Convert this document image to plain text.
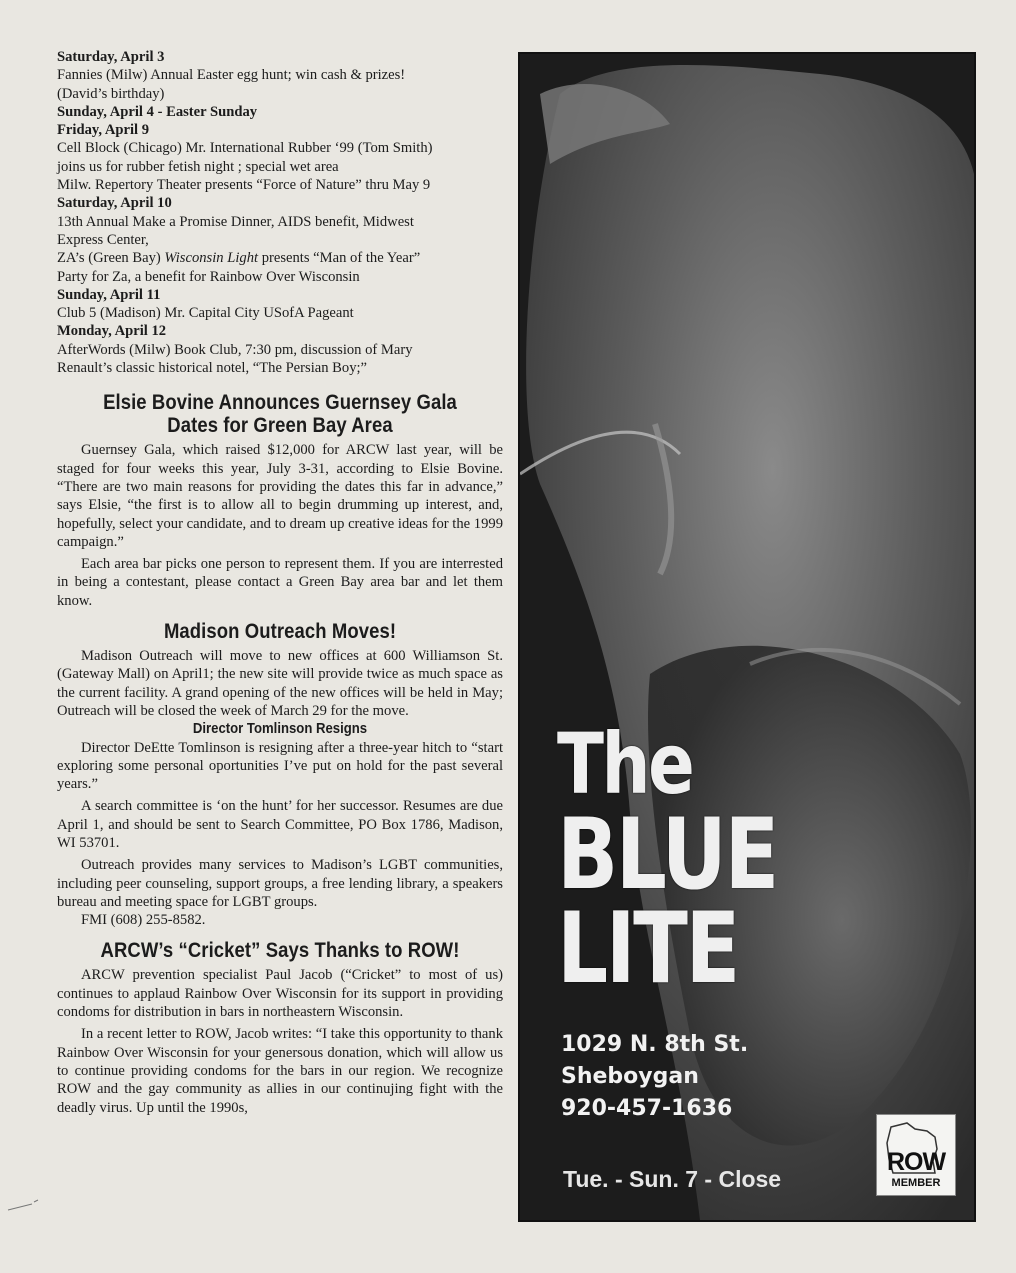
Saturday, April 3
Fannies (Milw) Annual Easter egg hunt; win cash & prizes!
(David’s birthday)
Sunday, April 4 - Easter Sunday
Friday, April 9
Cell Block (Chicago) Mr. International Rubber ‘99 (Tom Smith)
joins us for rubber fetish night ; special wet area
Milw. Repertory Theater presents “Force of Nature” thru May 9
Saturday, April 10
13th Annual Make a Promise Dinner, AIDS benefit, Midwest
Express Center,
ZA’s (Green Bay) Wisconsin Light presents “Man of the Year”
Party for Za, a benefit for Rainbow Over Wisconsin
Sunday, April 11
Club 5 (Madison) Mr. Capital City USofA Pageant
Monday, April 12
AfterWords (Milw) Book Club, 7:30 pm, discussion of Mary
Renault’s classic historical notel, “The Persian Boy;”
Elsie Bovine Announces Guernsey Gala
Dates for Green Bay Area

Guernsey Gala, which raised $12,000 for ARCW last year, will be staged for four weeks this year, July 3-31, according to Elsie Bovine. “There are two main reasons for providing the dates this far in advance,” says Elsie, “the first is to allow all to begin drumming up interest, and, hopefully, select your candidate, and to dream up creative ideas for the 1999 campaign.”

Each area bar picks one person to represent them. If you are interrested in being a contestant, please contact a Green Bay area bar and let them know.

Madison Outreach Moves!

Madison Outreach will move to new offices at 600 Williamson St. (Gateway Mall) on April1; the new site will provide twice as much space as the current facility. A grand opening of the new offices will be held in May; Outreach will be closed the week of March 29 for the move.

Director Tomlinson Resigns

Director DeEtte Tomlinson is resigning after a three-year hitch to “start exploring some personal oportunities I’ve put on hold for the past several years.”

A search committee is ‘on the hunt’ for her successor. Resumes are due April 1, and should be sent to Search Committee, PO Box 1786, Madison, WI 53701.

Outreach provides many services to Madison’s LGBT communities, including peer counseling, support groups, a free lending library, a speakers bureau and meeting space for LGBT groups.

FMI (608) 255-8582.

ARCW’s “Cricket” Says Thanks to ROW!

ARCW prevention specialist Paul Jacob (“Cricket” to most of us) continues to applaud Rainbow Over Wisconsin for its support in providing condoms for distribution in bars in northeastern Wisconsin.

In a recent letter to ROW, Jacob writes: “I take this opportunity to thank Rainbow Over Wisconsin for your genersous donation, which will allow us to continue providing condoms for the bars in our region. We recognize ROW and the gay community as allies in our continujing fight with the deadly virus. Up until the 1990s,

The
BLUE
LITE
1029 N. 8th St.
Sheboygan
920-457-1636
Tue. - Sun. 7 - Close
ROW
MEMBER
